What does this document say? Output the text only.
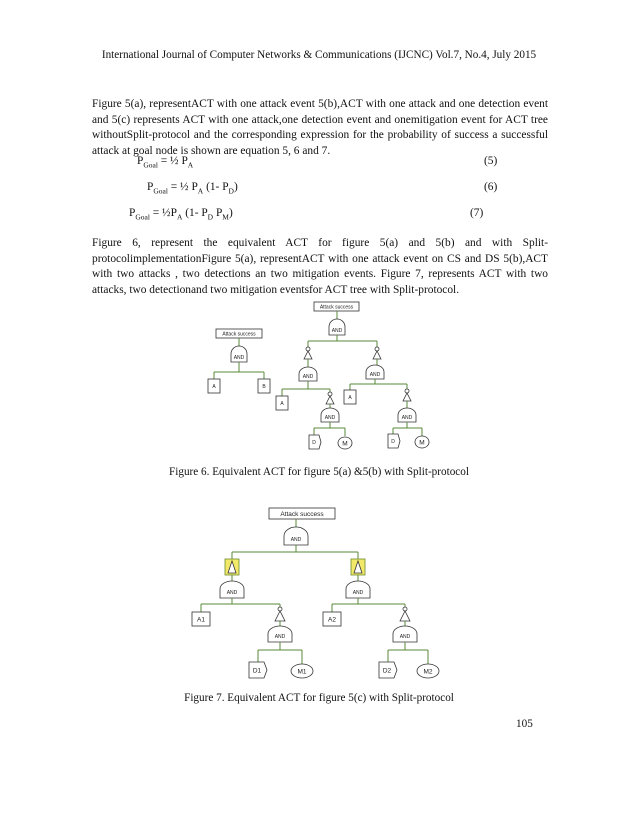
International Journal of Computer Networks & Communications (IJCNC) Vol.7, No.4, July 2015
Figure 5(a), representACT with one attack event 5(b),ACT with one attack and one detection event and 5(c) represents ACT with one attack,one detection event and onemitigation event for ACT tree withoutSplit-protocol and the corresponding expression for the probability of success a successful attack at goal node is shown are equation 5, 6 and 7.
$P_{Goal}$ = ½ $P_A$	(5)
$P_{Goal}$ = ½ $P_A$ (1- $P_D$)	(6)
$P_{Goal}$ = $\frac{1}{2}P_A$ (1- $P_D$ $P_M$)	(7)
Figure 6, represent the equivalent ACT for figure 5(a) and 5(b) and with Split-protocolimplementationFigure 5(a), representACT with one attack event on CS and DS 5(b),ACT with two attacks , two detections an two mitigation events. Figure 7, represents ACT with two attacks, two detectionand two mitigation eventsfor ACT tree with Split-protocol.
Attack success
AND
A	B
Attack success
AND
AND	AND
A
A
AND	AND
D	M	D	M
Attack success
AND
AND	AND
A1	A2
AND	AND
D1	M1	D2	M2
Figure 6. Equivalent ACT for figure 5(a) &5(b) with Split-protocol
Figure 7. Equivalent ACT for figure 5(c) with Split-protocol
105
